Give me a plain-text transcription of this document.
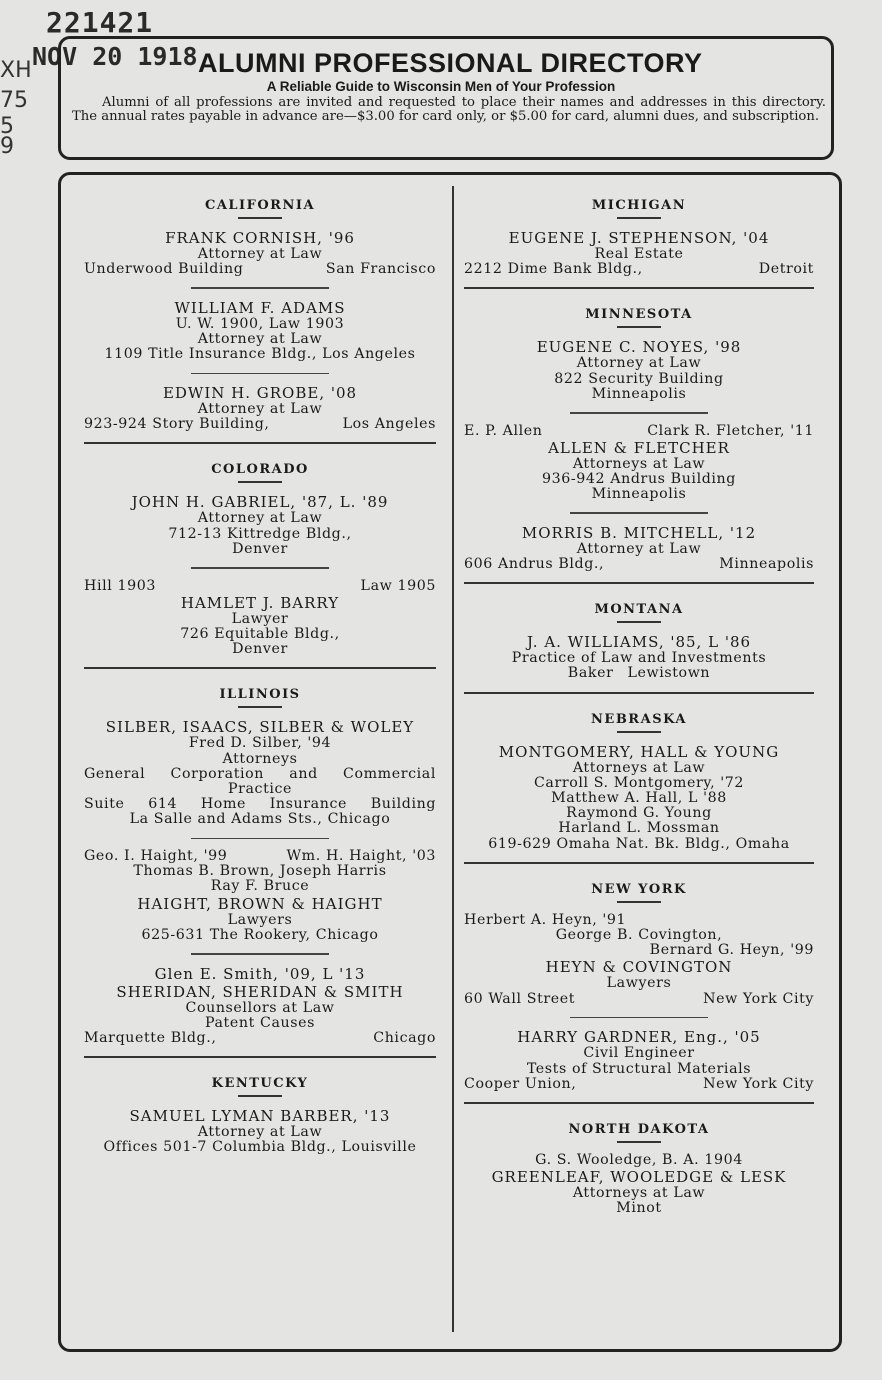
221421
NOV 20 1918
XH
75
5
9
ALUMNI PROFESSIONAL DIRECTORY
A Reliable Guide to Wisconsin Men of Your Profession
Alumni of all professions are invited and requested to place their names and addresses in this directory. The annual rates payable in advance are—$3.00 for card only, or $5.00 for card, alumni dues, and subscription.
CALIFORNIA
FRANK CORNISH, '96
Attorney at Law
Underwood Building	San Francisco
WILLIAM F. ADAMS
U. W. 1900, Law 1903
Attorney at Law
1109 Title Insurance Bldg., Los Angeles
EDWIN H. GROBE, '08
Attorney at Law
923-924 Story Building,	Los Angeles
COLORADO
JOHN H. GABRIEL, '87, L. '89
Attorney at Law
712-13 Kittredge Bldg.,
Denver
Hill 1903	Law 1905
HAMLET J. BARRY
Lawyer
726 Equitable Bldg.,
Denver
ILLINOIS
SILBER, ISAACS, SILBER & WOLEY
Fred D. Silber, '94
Attorneys
General Corporation and Commercial
Practice
Suite 614 Home Insurance Building
La Salle and Adams Sts., Chicago
Geo. I. Haight, '99	Wm. H. Haight, '03
Thomas B. Brown, Joseph Harris
Ray F. Bruce
HAIGHT, BROWN & HAIGHT
Lawyers
625-631 The Rookery, Chicago
Glen E. Smith, '09, L '13
SHERIDAN, SHERIDAN & SMITH
Counsellors at Law
Patent Causes
Marquette Bldg.,	Chicago
KENTUCKY
SAMUEL LYMAN BARBER, '13
Attorney at Law
Offices 501-7 Columbia Bldg., Louisville
MICHIGAN
EUGENE J. STEPHENSON, '04
Real Estate
2212 Dime Bank Bldg.,	Detroit
MINNESOTA
EUGENE C. NOYES, '98
Attorney at Law
822 Security Building
Minneapolis
E. P. Allen	Clark R. Fletcher, '11
ALLEN & FLETCHER
Attorneys at Law
936-942 Andrus Building
Minneapolis
MORRIS B. MITCHELL, '12
Attorney at Law
606 Andrus Bldg.,	Minneapolis
MONTANA
J. A. WILLIAMS, '85, L '86
Practice of Law and Investments
Baker Lewistown
NEBRASKA
MONTGOMERY, HALL & YOUNG
Attorneys at Law
Carroll S. Montgomery, '72
Matthew A. Hall, L '88
Raymond G. Young
Harland L. Mossman
619-629 Omaha Nat. Bk. Bldg., Omaha
NEW YORK
Herbert A. Heyn, '91
George B. Covington,
Bernard G. Heyn, '99
HEYN & COVINGTON
Lawyers
60 Wall Street	New York City
HARRY GARDNER, Eng., '05
Civil Engineer
Tests of Structural Materials
Cooper Union,	New York City
NORTH DAKOTA
G. S. Wooledge, B. A. 1904
GREENLEAF, WOOLEDGE & LESK
Attorneys at Law
Minot
